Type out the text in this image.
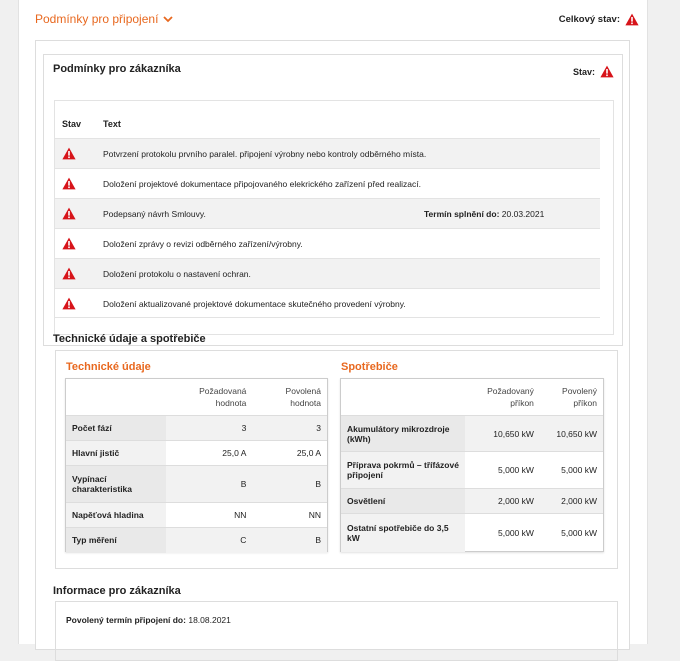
Podmínky pro připojení	Celkový stav:
Podmínky pro zákazníka	Stav:
Stav Text
Potvrzení protokolu prvního paralel. připojení výrobny nebo kontroly odběrného místa.
Doložení projektové dokumentace připojovaného elekrického zařízení před realizací.
Podepsaný návrh Smlouvy.	Termín splnění do: 20.03.2021
Doložení zprávy o revizi odběrného zařízení/výrobny.
Doložení protokolu o nastavení ochran.
Doložení aktualizované projektové dokumentace skutečného provedení výrobny.
Technické údaje a spotřebiče
Technické údaje
	Požadovaná hodnota	Povolená hodnota
Počet fází	3	3
Hlavní jistič	25,0 A	25,0 A
Vypínací charakteristika	B	B
Napěťová hladina	NN	NN
Typ měření	C	B
Spotřebiče
	Požadovaný příkon	Povolený příkon
Akumulátory mikrozdroje (kWh)	10,650 kW	10,650 kW
Příprava pokrmů – třífázové připojení	5,000 kW	5,000 kW
Osvětlení	2,000 kW	2,000 kW
Ostatní spotřebiče do 3,5 kW	5,000 kW	5,000 kW
Informace pro zákazníka
Povolený termín připojení do: 18.08.2021
